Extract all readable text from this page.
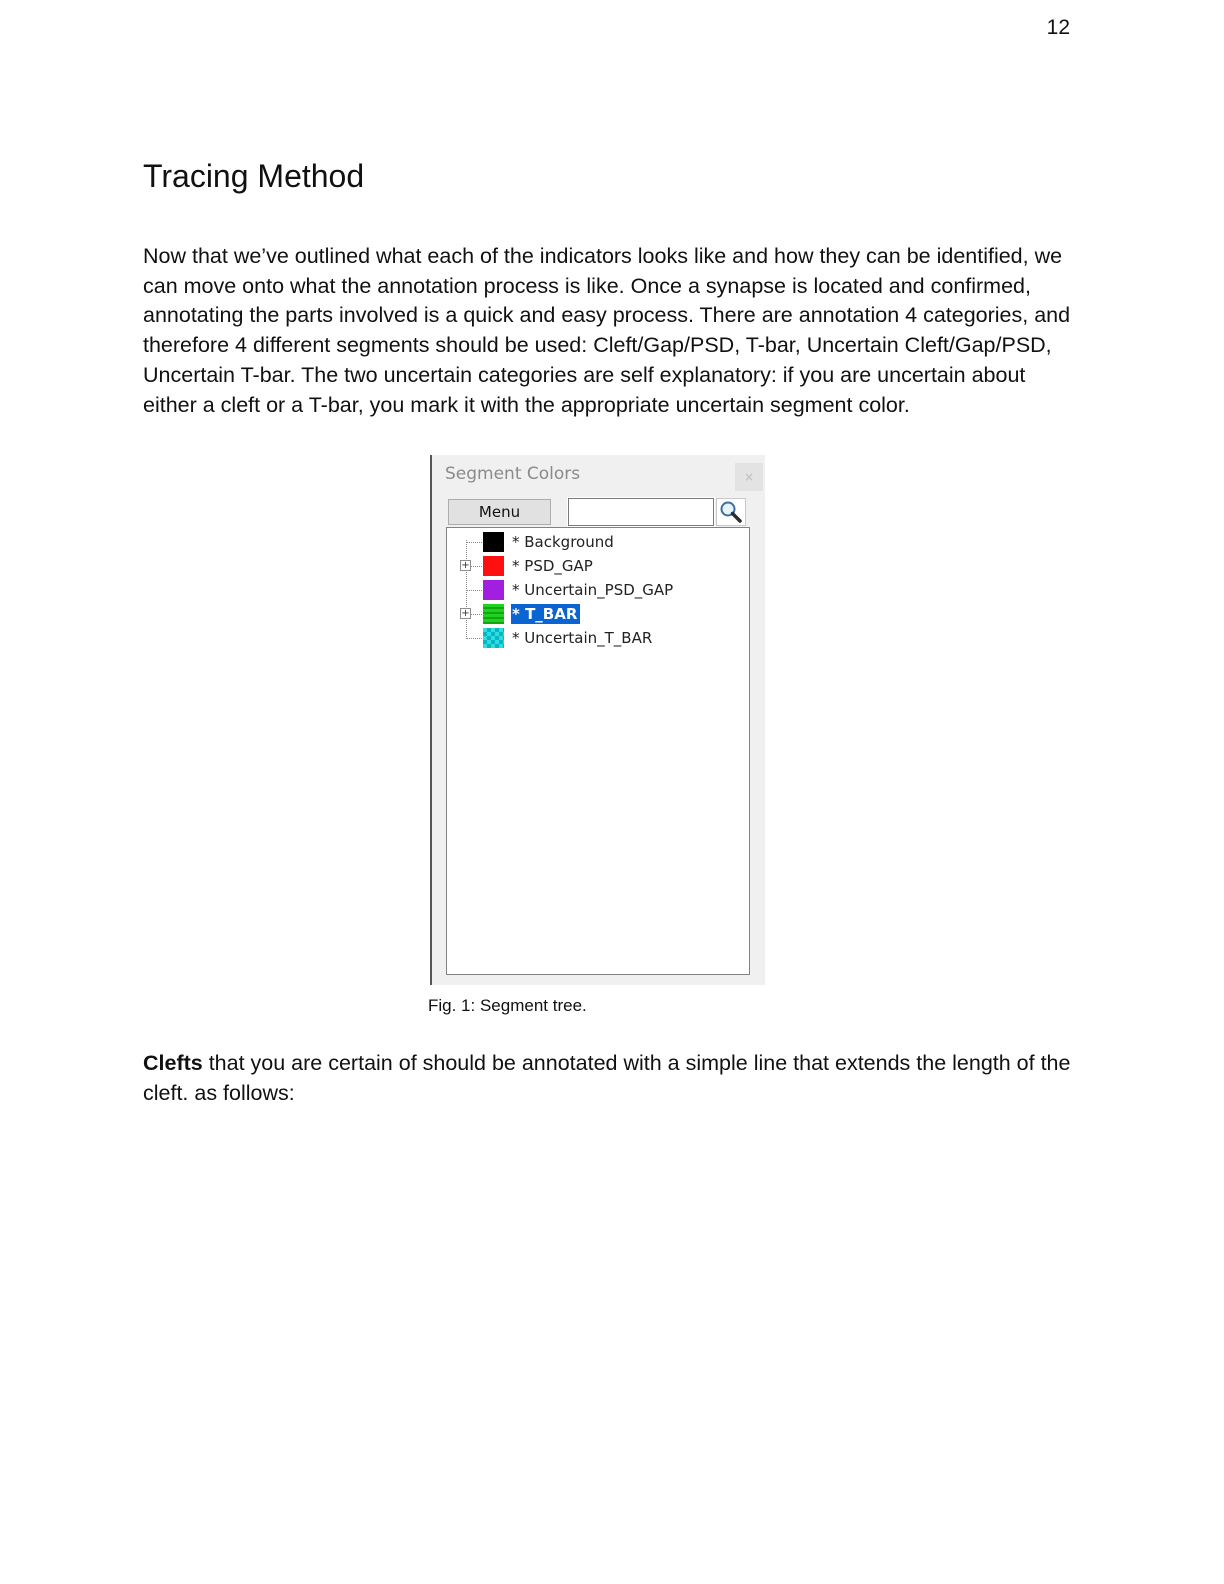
12
Tracing Method

Now that we’ve outlined what each of the indicators looks like and how they can be identified, we can move onto what the annotation process is like. Once a synapse is located and confirmed, annotating the parts involved is a quick and easy process. There are annotation 4 categories, and therefore 4 different segments should be used: Cleft/Gap/PSD, T-bar, Uncertain Cleft/Gap/PSD, Uncertain T-bar. The two uncertain categories are self explanatory: if you are uncertain about either a cleft or a T-bar, you mark it with the appropriate uncertain segment color.

Segment Colors	×
Menu
* Background
+	* PSD_GAP
* Uncertain_PSD_GAP
+	* T_BAR
* Uncertain_T_BAR
Fig. 1: Segment tree.

Clefts that you are certain of should be annotated with a simple line that extends the length of the cleft. as follows:
